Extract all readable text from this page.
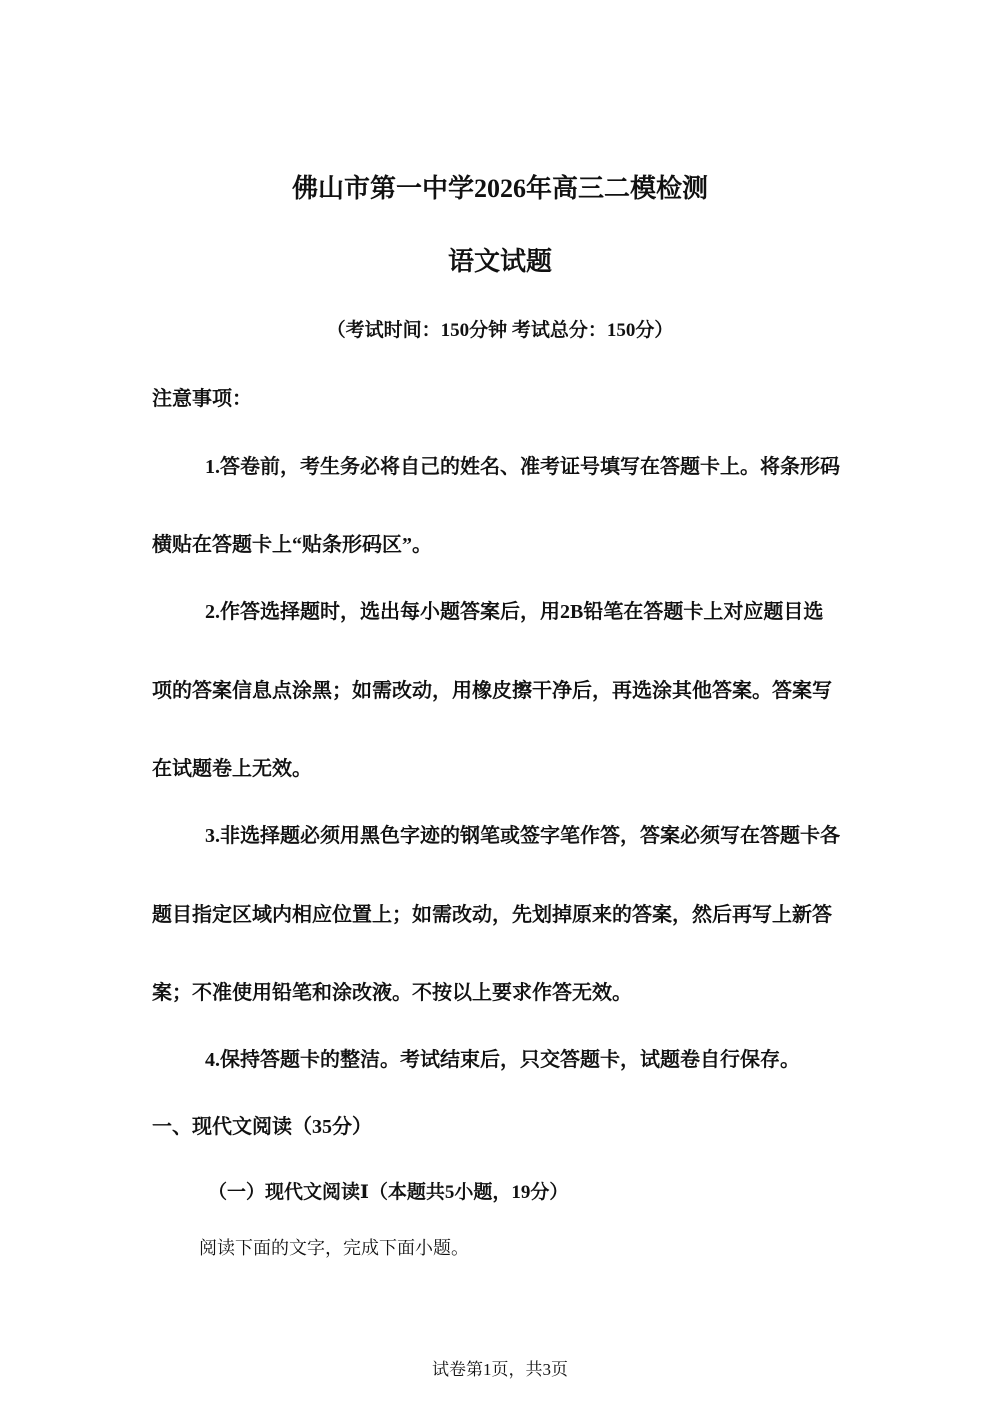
佛山市第一中学2026年高三二模检测
语文试题
（考试时间：150分钟 考试总分：150分）
注意事项：
1.答卷前，考生务必将自己的姓名、准考证号填写在答题卡上。将条形码
横贴在答题卡上“贴条形码区”。
2.作答选择题时，选出每小题答案后，用2B铅笔在答题卡上对应题目选
项的答案信息点涂黑；如需改动，用橡皮擦干净后，再选涂其他答案。答案写
在试题卷上无效。
3.非选择题必须用黑色字迹的钢笔或签字笔作答，答案必须写在答题卡各
题目指定区域内相应位置上；如需改动，先划掉原来的答案，然后再写上新答
案；不准使用铅笔和涂改液。不按以上要求作答无效。
4.保持答题卡的整洁。考试结束后，只交答题卡，试题卷自行保存。
一、现代文阅读（35分）
（一）现代文阅读Ⅰ（本题共5小题，19分）
阅读下面的文字，完成下面小题。
试卷第1页，共3页
